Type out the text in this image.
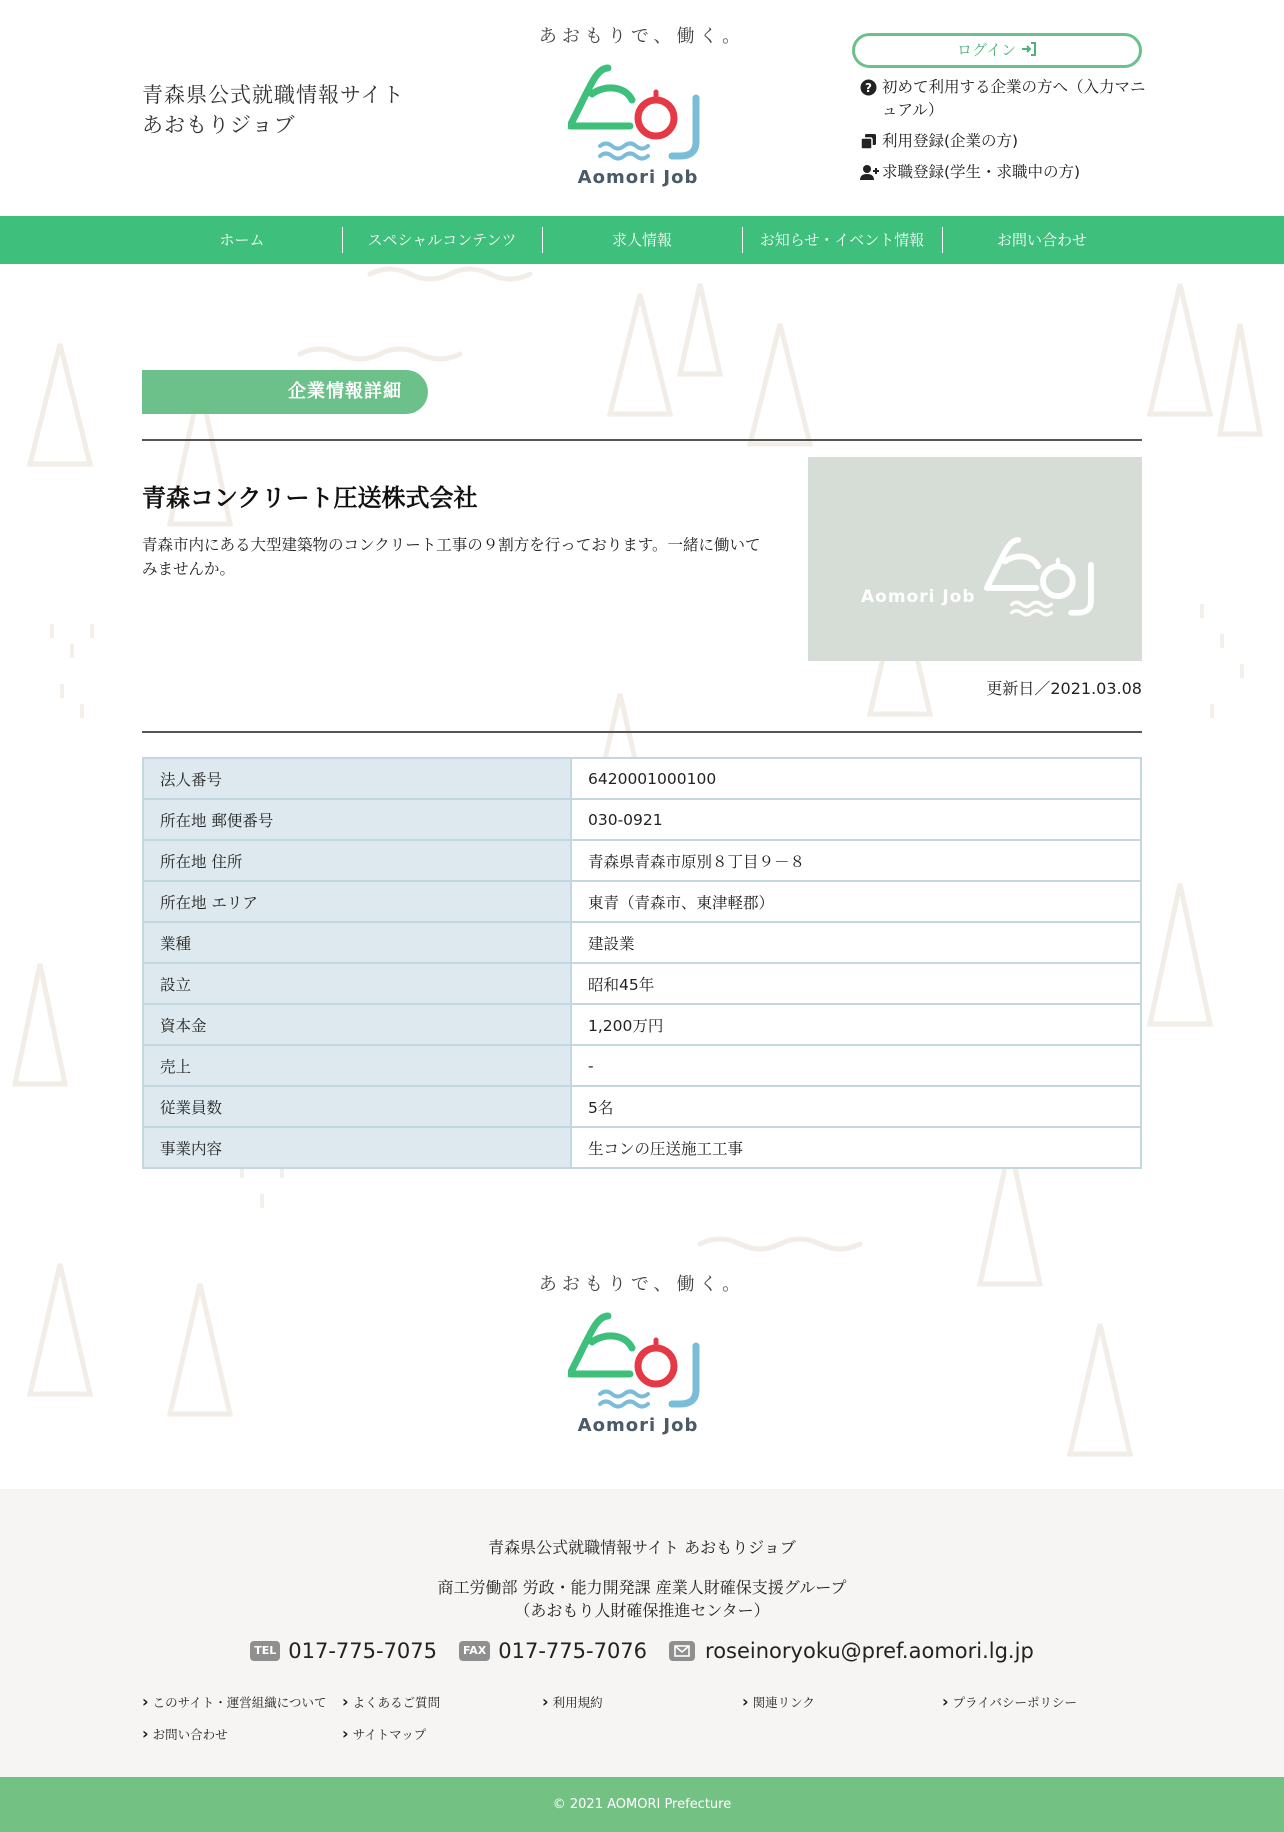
青森県公式就職情報サイト
あおもりジョブ
あおもりで、働く。
Aomori Job
ログイン
? 初めて利用する企業の方へ（入力マニュアル）
利用登録(企業の方)
求職登録(学生・求職中の方)
ホーム	スペシャルコンテンツ	求人情報	お知らせ・イベント情報	お問い合わせ
企業情報詳細
青森コンクリート圧送株式会社

青森市内にある大型建築物のコンクリート工事の９割方を行っております。一緒に働いてみませんか。

Aomori Job
更新日／2021.03.08
法人番号	6420001000100
所在地 郵便番号	030-0921
所在地 住所	青森県青森市原別８丁目９－８
所在地 エリア	東青（青森市、東津軽郡）
業種	建設業
設立	昭和45年
資本金	1,200万円
売上	-
従業員数	5名
事業内容	生コンの圧送施工工事
あおもりで、働く。
Aomori Job
青森県公式就職情報サイト あおもりジョブ
商工労働部 労政・能力開発課 産業人財確保支援グループ
（あおもり人財確保推進センター）
TEL 017-775-7075	FAX 017-775-7076	roseinoryoku@pref.aomori.lg.jp
› このサイト・運営組織について	› よくあるご質問	› 利用規約	› 関連リンク	› プライバシーポリシー
› お問い合わせ	› サイトマップ
© 2021 AOMORI Prefecture
